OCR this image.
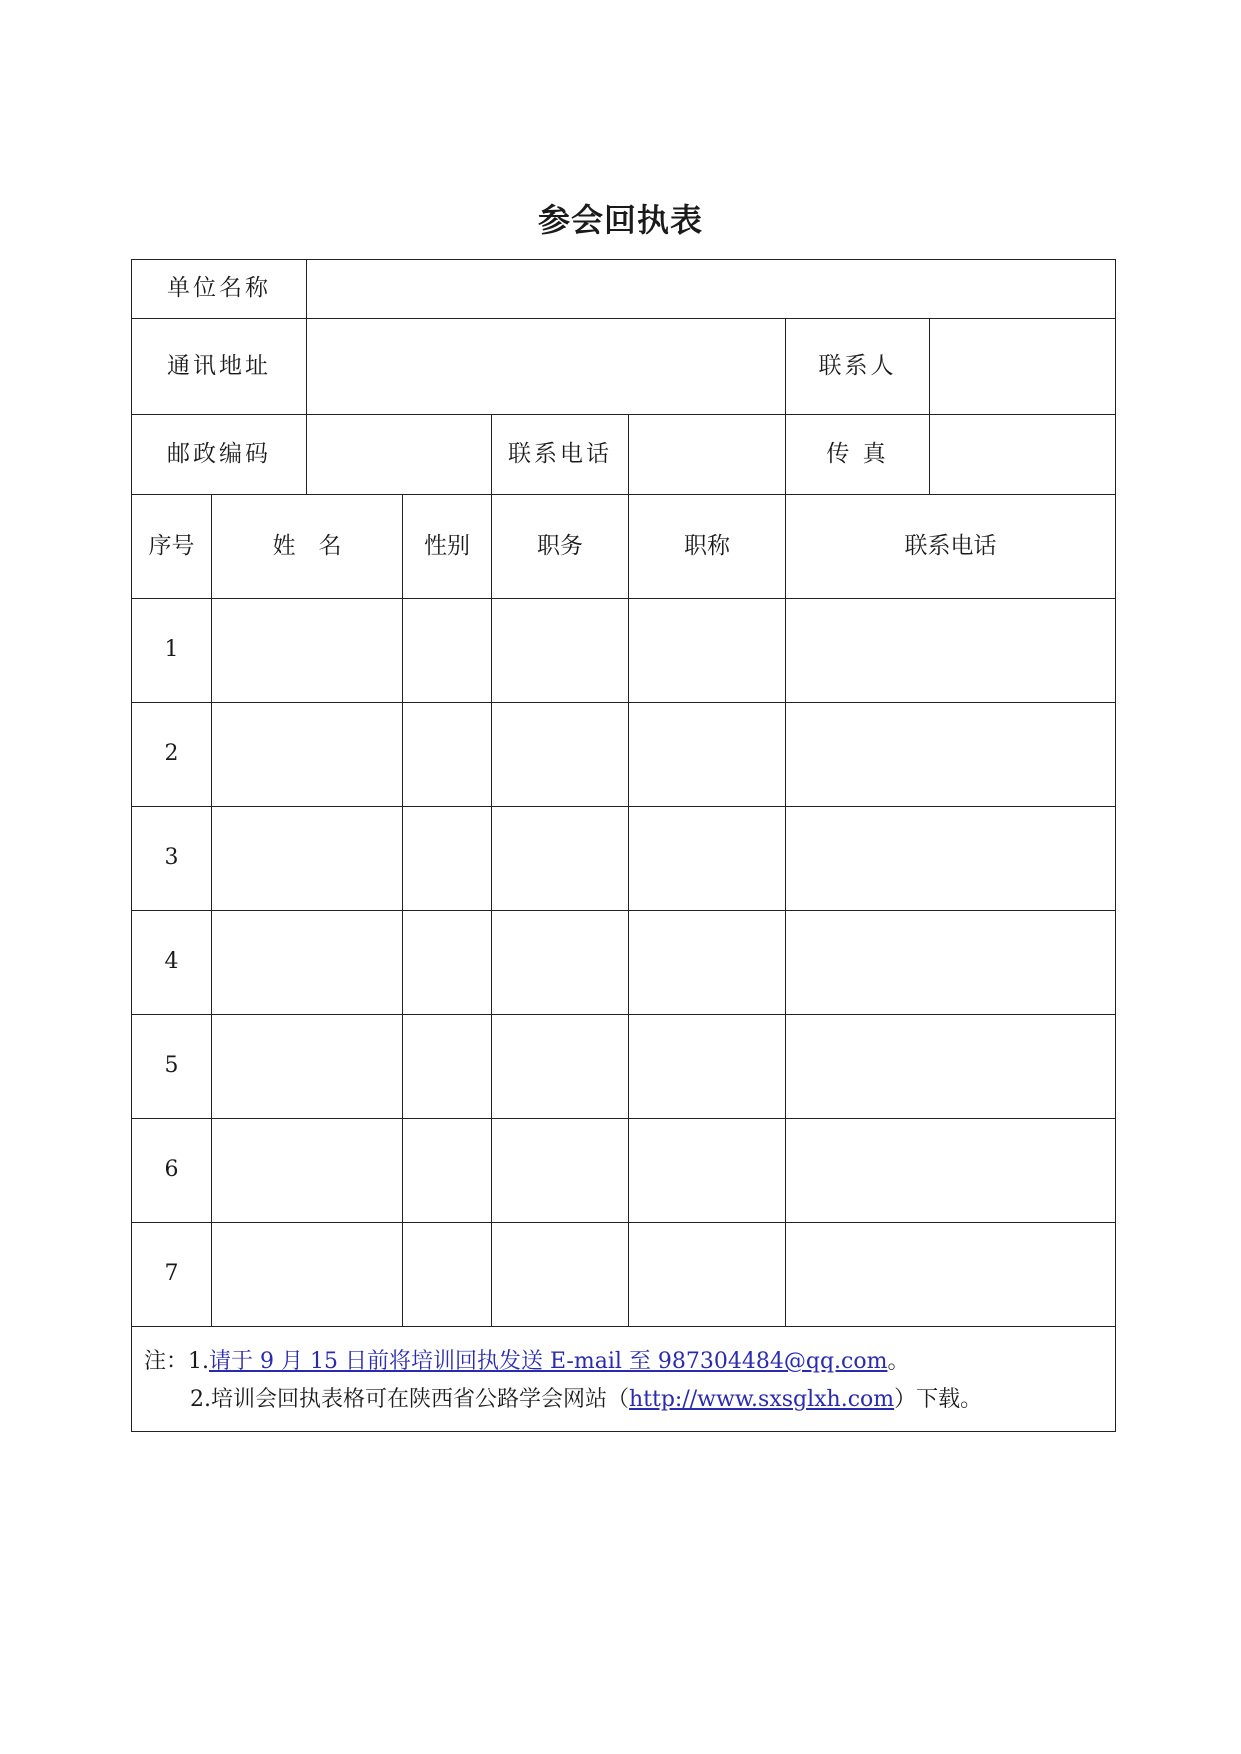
参会回执表
单位名称							
通讯地址						联系人	
邮政编码				联系电话		传 真	
序号	姓　名		性别	职务	职称	联系电话	
1							
2							
3							
4							
5							
6							
7							

注：1.请于 9 月 15 日前将培训回执发送 E-mail 至 987304484@qq.com。
2.培训会回执表格可在陕西省公路学会网站（http://www.sxsglxh.com）下载。							
